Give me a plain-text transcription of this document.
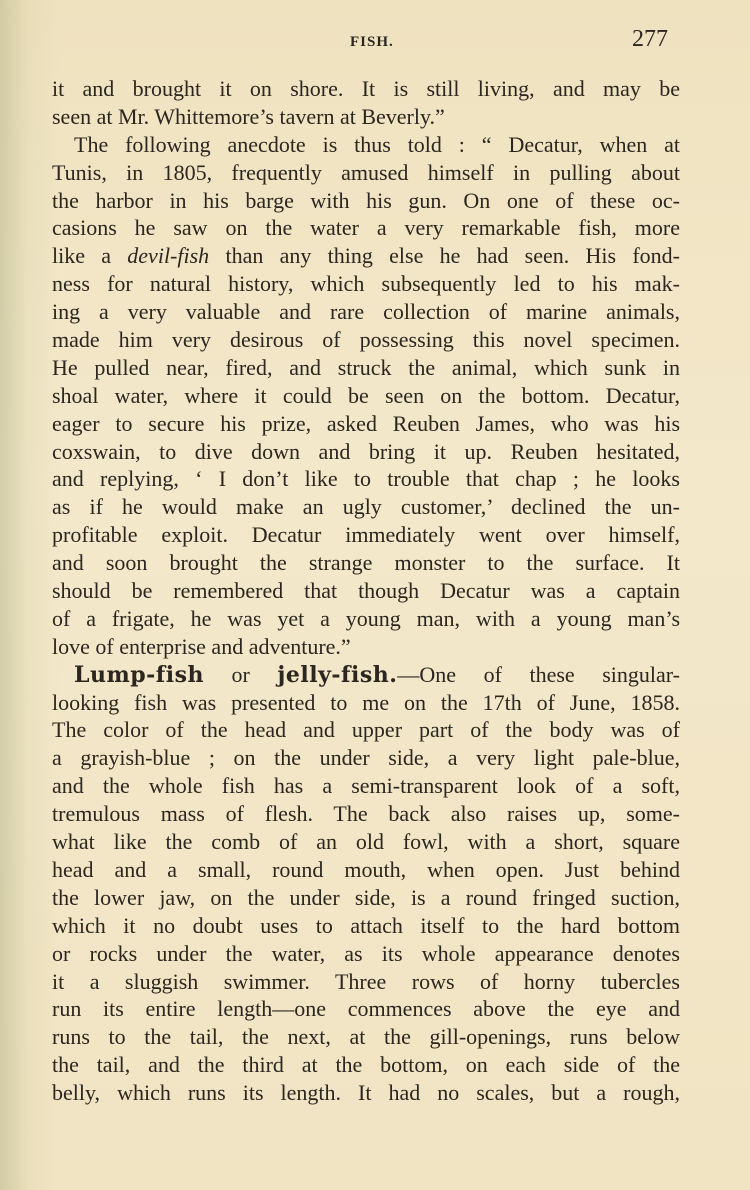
FISH.	277
it and brought it on shore. It is still living, and may be
seen at Mr. Whittemore’s tavern at Beverly.”
The following anecdote is thus told : “ Decatur, when at
Tunis, in 1805, frequently amused himself in pulling about
the harbor in his barge with his gun. On one of these oc-
casions he saw on the water a very remarkable fish, more
like a devil-fish than any thing else he had seen. His fond-
ness for natural history, which subsequently led to his mak-
ing a very valuable and rare collection of marine animals,
made him very desirous of possessing this novel specimen.
He pulled near, fired, and struck the animal, which sunk in
shoal water, where it could be seen on the bottom. Decatur,
eager to secure his prize, asked Reuben James, who was his
coxswain, to dive down and bring it up. Reuben hesitated,
and replying, ‘ I don’t like to trouble that chap ; he looks
as if he would make an ugly customer,’ declined the un-
profitable exploit. Decatur immediately went over himself,
and soon brought the strange monster to the surface. It
should be remembered that though Decatur was a captain
of a frigate, he was yet a young man, with a young man’s
love of enterprise and adventure.”
Lump-fish or jelly-fish.—One of these singular-
looking fish was presented to me on the 17th of June, 1858.
The color of the head and upper part of the body was of
a grayish-blue ; on the under side, a very light pale-blue,
and the whole fish has a semi-transparent look of a soft,
tremulous mass of flesh. The back also raises up, some-
what like the comb of an old fowl, with a short, square
head and a small, round mouth, when open. Just behind
the lower jaw, on the under side, is a round fringed suction,
which it no doubt uses to attach itself to the hard bottom
or rocks under the water, as its whole appearance denotes
it a sluggish swimmer. Three rows of horny tubercles
run its entire length—one commences above the eye and
runs to the tail, the next, at the gill-openings, runs below
the tail, and the third at the bottom, on each side of the
belly, which runs its length. It had no scales, but a rough,
